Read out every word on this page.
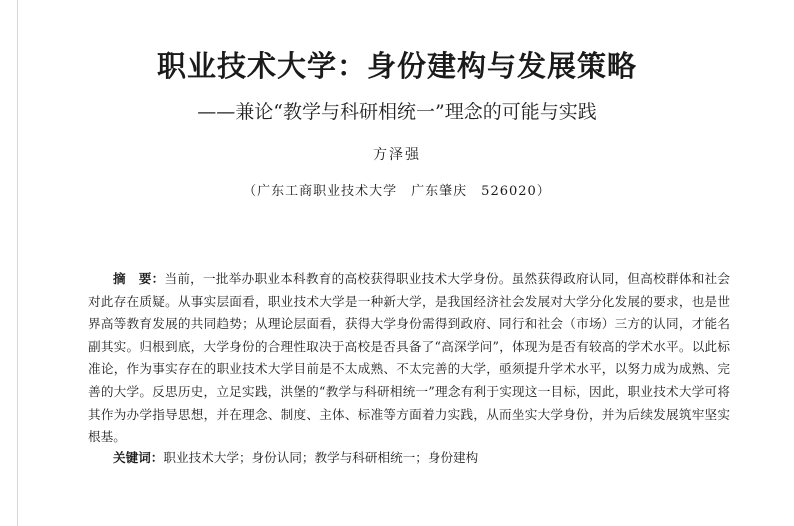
职业技术大学：身份建构与发展策略
——兼论“教学与科研相统一”理念的可能与实践
方泽强
（广东工商职业技术大学　广东肇庆　526020）
摘　要：当前，一批举办职业本科教育的高校获得职业技术大学身份。虽然获得政府认同，但高校群体和社会对此存在质疑。从事实层面看，职业技术大学是一种新大学，是我国经济社会发展对大学分化发展的要求，也是世界高等教育发展的共同趋势；从理论层面看，获得大学身份需得到政府、同行和社会（市场）三方的认同，才能名副其实。归根到底，大学身份的合理性取决于高校是否具备了“高深学问”，体现为是否有较高的学术水平。以此标准论，作为事实存在的职业技术大学目前是不太成熟、不太完善的大学，亟须提升学术水平，以努力成为成熟、完善的大学。反思历史，立足实践，洪堡的“教学与科研相统一”理念有利于实现这一目标，因此，职业技术大学可将其作为办学指导思想，并在理念、制度、主体、标准等方面着力实践，从而坐实大学身份，并为后续发展筑牢坚实根基。
关键词：职业技术大学；身份认同；教学与科研相统一；身份建构
